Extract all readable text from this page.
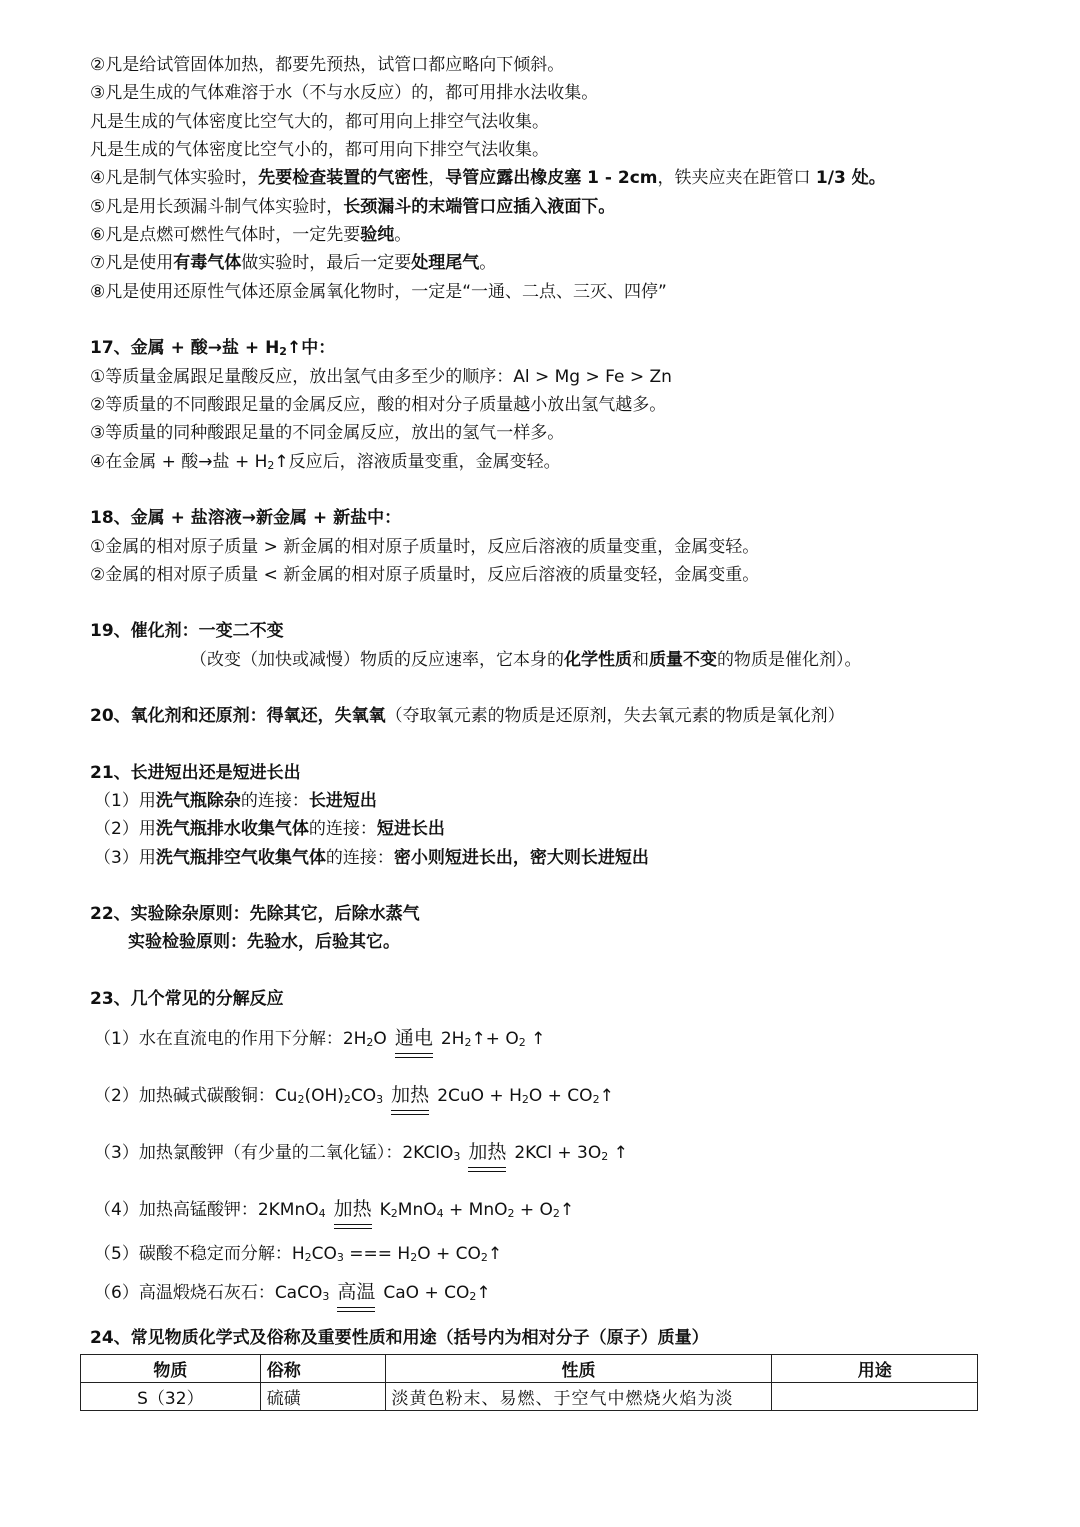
②凡是给试管固体加热，都要先预热，试管口都应略向下倾斜。
③凡是生成的气体难溶于水（不与水反应）的，都可用排水法收集。
凡是生成的气体密度比空气大的，都可用向上排空气法收集。
凡是生成的气体密度比空气小的，都可用向下排空气法收集。
④凡是制气体实验时，先要检查装置的气密性，导管应露出橡皮塞 1 - 2cm，铁夹应夹在距管口 1/3 处。
⑤凡是用长颈漏斗制气体实验时，长颈漏斗的末端管口应插入液面下。
⑥凡是点燃可燃性气体时，一定先要验纯。
⑦凡是使用有毒气体做实验时，最后一定要处理尾气。
⑧凡是使用还原性气体还原金属氧化物时，一定是“一通、二点、三灭、四停”
17、金属 + 酸→盐 + $H_2↑$中：
①等质量金属跟足量酸反应，放出氢气由多至少的顺序：Al > Mg > Fe > Zn
②等质量的不同酸跟足量的金属反应，酸的相对分子质量越小放出氢气越多。
③等质量的同种酸跟足量的不同金属反应，放出的氢气一样多。
④在金属 + 酸→盐 + $H_2↑$反应后，溶液质量变重，金属变轻。
18、金属 + 盐溶液→新金属 + 新盐中：
①金属的相对原子质量 > 新金属的相对原子质量时，反应后溶液的质量变重，金属变轻。
②金属的相对原子质量 < 新金属的相对原子质量时，反应后溶液的质量变轻，金属变重。
19、催化剂：一变二不变
（改变（加快或减慢）物质的反应速率，它本身的化学性质和质量不变的物质是催化剂）。
20、氧化剂和还原剂：得氧还，失氧氧（夺取氧元素的物质是还原剂，失去氧元素的物质是氧化剂）
21、长进短出还是短进长出
（1）用洗气瓶除杂的连接：长进短出
（2）用洗气瓶排水收集气体的连接：短进长出
（3）用洗气瓶排空气收集气体的连接：密小则短进长出，密大则长进短出
22、实验除杂原则：先除其它，后除水蒸气
实验检验原则：先验水，后验其它。
23、几个常见的分解反应
（1）水在直流电的作用下分解：$2H_2O$ 通电 $2H_2↑+ O_2$ ↑
（2）加热碱式碳酸铜：$Cu_2(OH)_2CO_3$ 加热 $2CuO + H_2O$ + $CO_2↑$
（3）加热氯酸钾（有少量的二氧化锰）：2KClO$_3$ 加热 $2KCl + 3O_2$ ↑
（4）加热高锰酸钾：2KMnO$_4$ 加热 $K_2MnO_4 + MnO_2$ + $O_2↑$
（5）碳酸不稳定而分解：$H_2CO_3$ === $H_2O$ + $CO_2↑$
（6）高温煅烧石灰石：CaCO$_3$ 高温 CaO + $CO_2↑$
24、常见物质化学式及俗称及重要性质和用途（括号内为相对分子（原子）质量）
物质	俗称	性质	用途
S（32）	硫磺	淡黄色粉末、易燃、于空气中燃烧火焰为淡	
